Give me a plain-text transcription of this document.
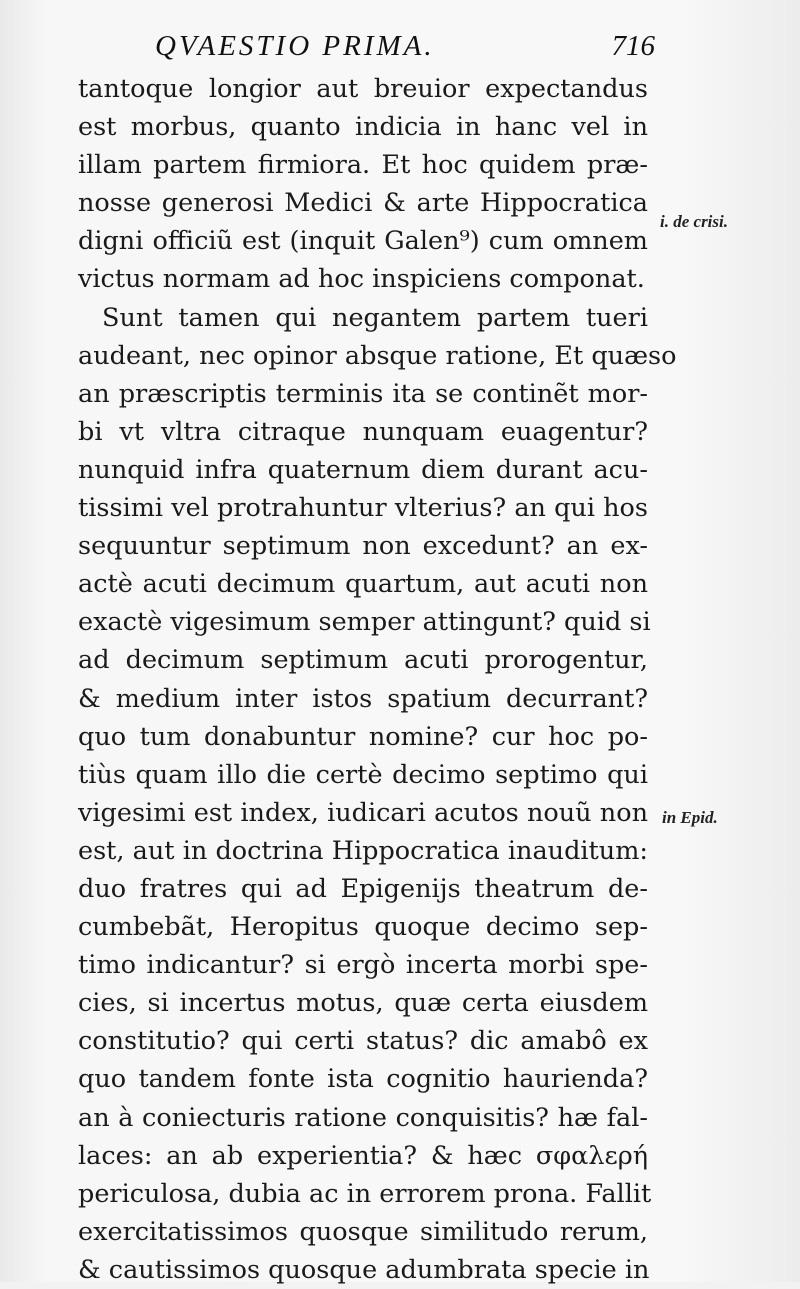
QVAESTIO PRIMA.	716
tantoque longior aut breuior expectandus
est morbus, quanto indicia in hanc vel in
illam partem firmiora. Et hoc quidem præ-
nosse generosi Medici & arte Hippocratica
digni officiũ est (inquit Galen⁹) cum omnem
victus normam ad hoc inspiciens componat.
Sunt tamen qui negantem partem tueri
audeant, nec opinor absque ratione, Et quæso
an præscriptis terminis ita se continẽt mor-
bi vt vltra citraque nunquam euagentur?
nunquid infra quaternum diem durant acu-
tissimi vel protrahuntur vlterius? an qui hos
sequuntur septimum non excedunt? an ex-
actè acuti decimum quartum, aut acuti non
exactè vigesimum semper attingunt? quid si
ad decimum septimum acuti prorogentur,
& medium inter istos spatium decurrant?
quo tum donabuntur nomine? cur hoc po-
tiùs quam illo die certè decimo septimo qui
vigesimi est index, iudicari acutos nouũ non
est, aut in doctrina Hippocratica inauditum:
duo fratres qui ad Epigenijs theatrum de-
cumbebãt, Heropitus quoque decimo sep-
timo indicantur? si ergò incerta morbi spe-
cies, si incertus motus, quæ certa eiusdem
constitutio? qui certi status? dic amabô ex
quo tandem fonte ista cognitio haurienda?
an à coniecturis ratione conquisitis? hæ fal-
laces: an ab experientia? & hæc σφαλερή
periculosa, dubia ac in errorem prona. Fallit
exercitatissimos quosque similitudo rerum,
& cautissimos quosque adumbrata specie in
i. de crisi.
in Epid.
